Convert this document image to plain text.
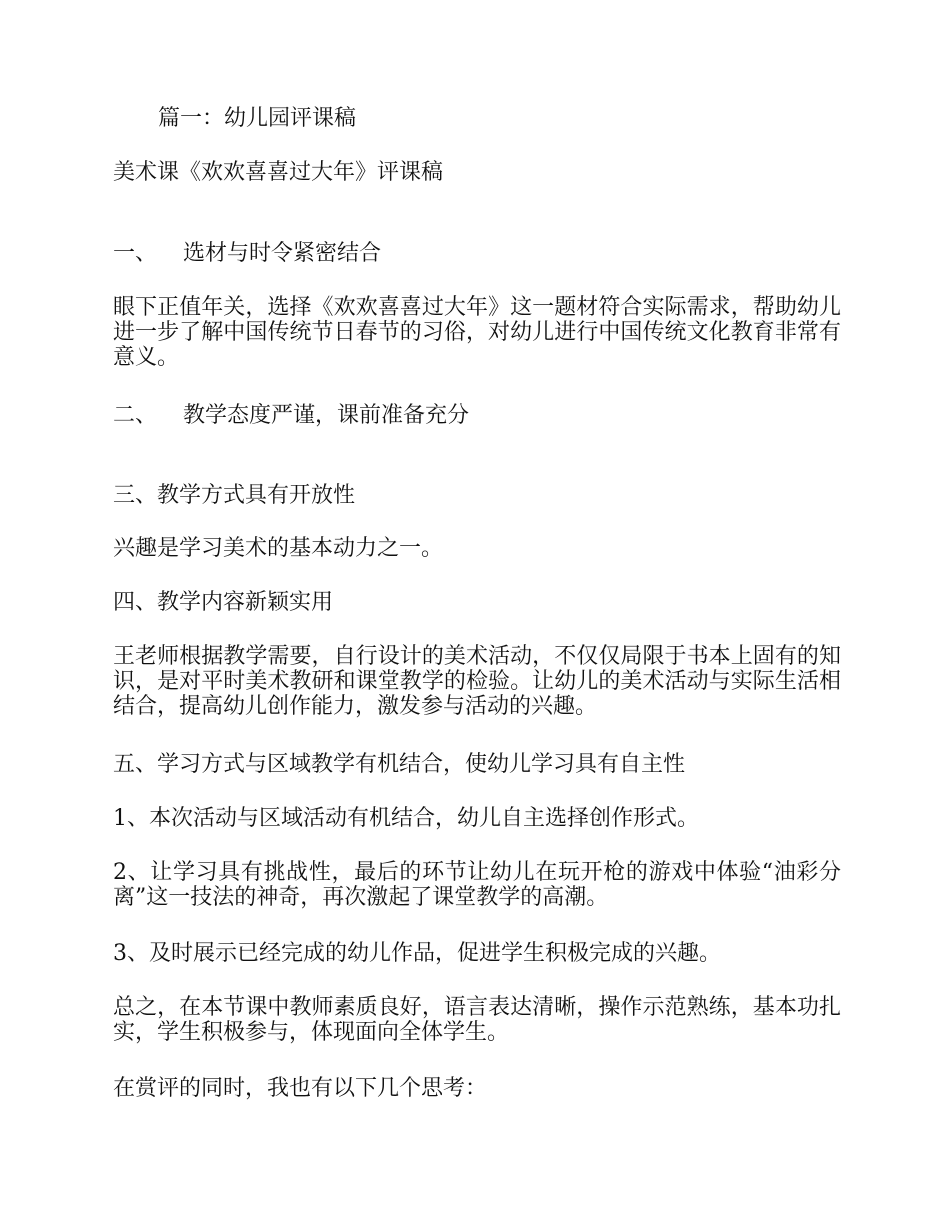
篇一：幼儿园评课稿

美术课《欢欢喜喜过大年》评课稿

一、 选材与时令紧密结合

眼下正值年关，选择《欢欢喜喜过大年》这一题材符合实际需求，帮助幼儿进一步了解中国传统节日春节的习俗，对幼儿进行中国传统文化教育非常有意义。

二、 教学态度严谨，课前准备充分

三、教学方式具有开放性

兴趣是学习美术的基本动力之一。

四、教学内容新颖实用

王老师根据教学需要，自行设计的美术活动，不仅仅局限于书本上固有的知识，是对平时美术教研和课堂教学的检验。让幼儿的美术活动与实际生活相结合，提高幼儿创作能力，激发参与活动的兴趣。

五、学习方式与区域教学有机结合，使幼儿学习具有自主性

1、本次活动与区域活动有机结合，幼儿自主选择创作形式。

2、让学习具有挑战性，最后的环节让幼儿在玩开枪的游戏中体验“油彩分离”这一技法的神奇，再次激起了课堂教学的高潮。

3、及时展示已经完成的幼儿作品，促进学生积极完成的兴趣。

总之，在本节课中教师素质良好，语言表达清晰，操作示范熟练，基本功扎实，学生积极参与，体现面向全体学生。

在赏评的同时，我也有以下几个思考：
